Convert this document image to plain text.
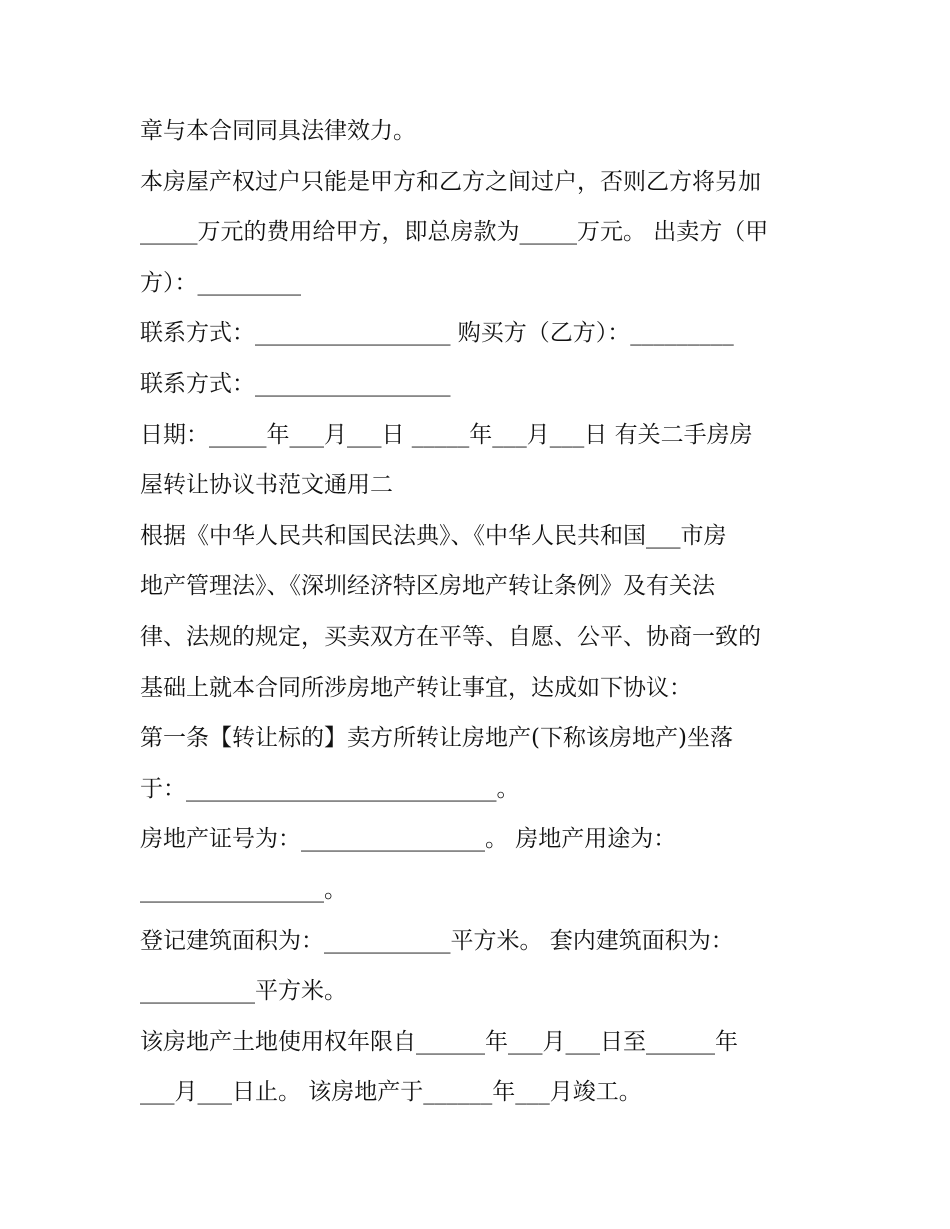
章与本合同同具法律效力。
本房屋产权过户只能是甲方和乙方之间过户，否则乙方将另加
_____万元的费用给甲方，即总房款为_____万元。 出卖方（甲
方）：_________
联系方式：_________________ 购买方（乙方）：_________
联系方式：_________________
日期：_____年___月___日 _____年___月___日 有关二手房房
屋转让协议书范文通用二
根据《中华人民共和国民法典》、《中华人民共和国___市房
地产管理法》、《深圳经济特区房地产转让条例》及有关法
律、法规的规定，买卖双方在平等、自愿、公平、协商一致的
基础上就本合同所涉房地产转让事宜，达成如下协议：
第一条【转让标的】卖方所转让房地产(下称该房地产)坐落
于：___________________________。
房地产证号为：________________。 房地产用途为：
________________。
登记建筑面积为：___________平方米。 套内建筑面积为：
__________平方米。
该房地产土地使用权年限自______年___月___日至______年
___月___日止。 该房地产于______年___月竣工。
